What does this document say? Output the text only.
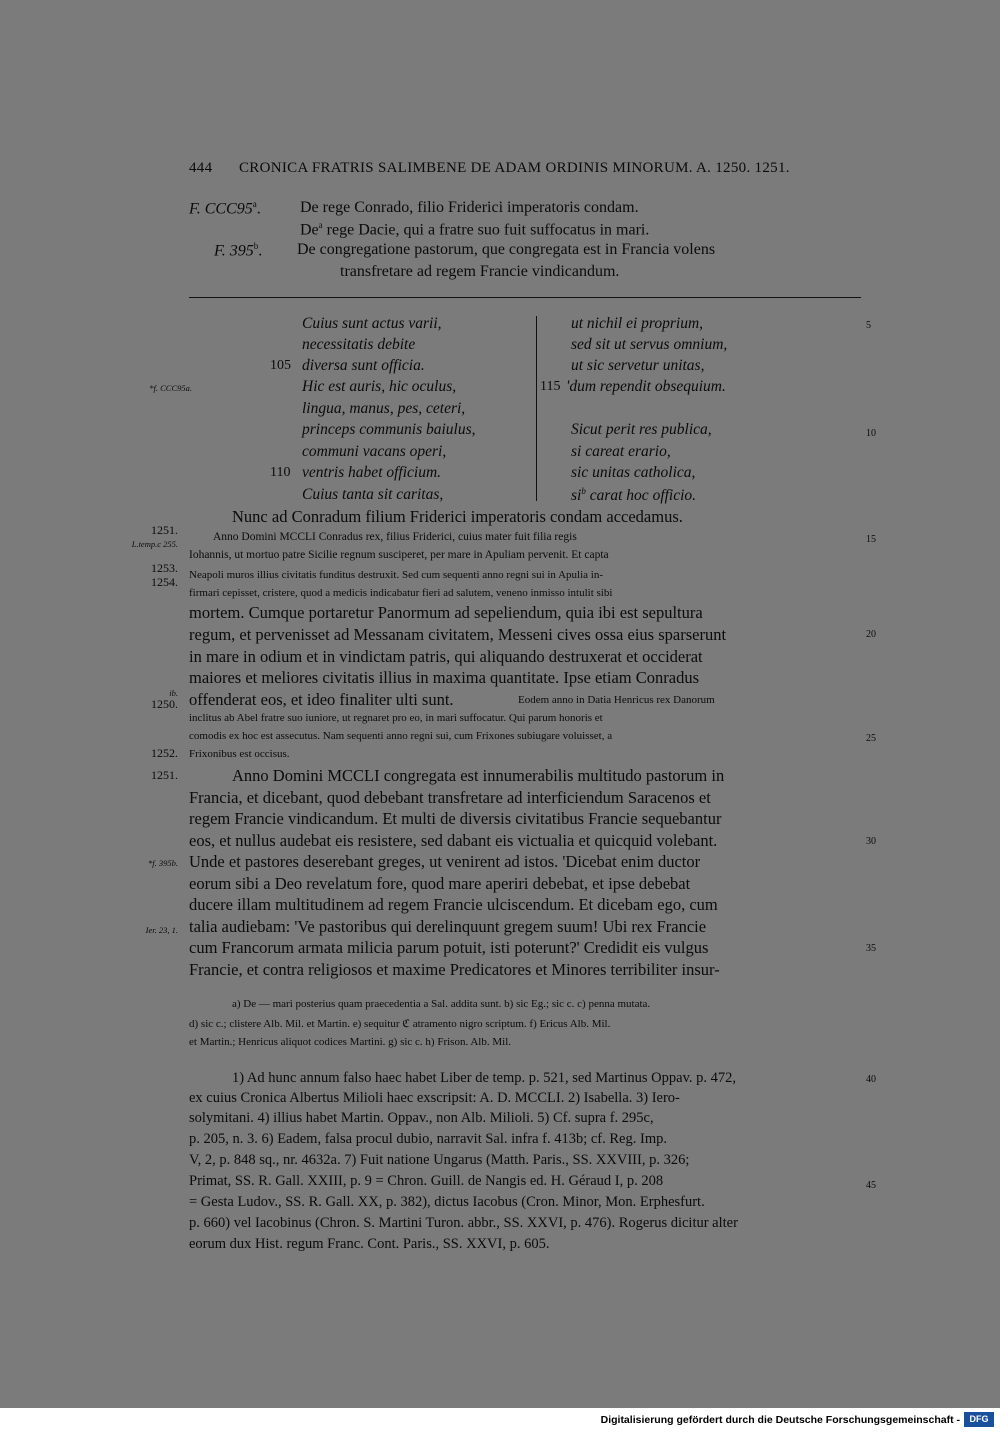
444 CRONICA FRATRIS SALIMBENE DE ADAM ORDINIS MINORUM. A. 1250. 1251.
F. CCC95$^a$. De rege Conrado, filio Friderici imperatoris condam.
De$^a$ rege Dacie, qui a fratre suo fuit suffocatus in mari.
F. 395$^b$. De congregatione pastorum, que congregata est in Francia volens
transfretare ad regem Francie vindicandum.
Cuius sunt actus varii,
necessitatis debite
diversa sunt officia.
Hic est auris, hic oculus,
lingua, manus, pes, ceteri,
princeps communis baiulus,
communi vacans operi,
ventris habet officium.
Cuius tanta sit caritas,
105
110
ut nichil ei proprium,
sed sit ut servus omnium,
ut sic servetur unitas,
'dum rependit obsequium.
Sicut perit res publica,
si careat erario,
sic unitas catholica,
$si^b$ carat hoc officio.
115
5
10
15
20
25
30
35
40
45
*f. CCC95a.
1251.
L.temp.c 255.
1253.
1254.
ib.
1250.
1252.
1251.
*f. 395b.
Ier. 23, 1.
Nunc ad Conradum filium Friderici imperatoris condam accedamus.
Anno Domini MCCLI Conradus rex, filius Friderici, cuius mater fuit filia regis
Iohannis, ut mortuo patre Sicilie regnum susciperet, per mare in Apuliam pervenit. Et capta
Neapoli muros illius civitatis funditus destruxit. Sed cum sequenti anno regni sui in Apulia in-
firmari cepisset, cristere, quod a medicis indicabatur fieri ad salutem, veneno inmisso intulit sibi
mortem. Cumque portaretur Panormum ad sepeliendum, quia ibi est sepultura
regum, et pervenisset ad Messanam civitatem, Messeni cives ossa eius sparserunt
in mare in odium et in vindictam patris, qui aliquando destruxerat et occiderat
maiores et meliores civitatis illius in maxima quantitate. Ipse etiam Conradus
offenderat eos, et ideo finaliter ulti sunt.	Eodem anno in Datia Henricus rex Danorum
inclitus ab Abel fratre suo iuniore, ut regnaret pro eo, in mari suffocatur. Qui parum honoris et
comodis ex hoc est assecutus. Nam sequenti anno regni sui, cum Frixones subiugare voluisset, a
Frixonibus est occisus.
Anno Domini MCCLI congregata est innumerabilis multitudo pastorum in
Francia, et dicebant, quod debebant transfretare ad interficiendum Saracenos et
regem Francie vindicandum. Et multi de diversis civitatibus Francie sequebantur
eos, et nullus audebat eis resistere, sed dabant eis victualia et quicquid volebant.
Unde et pastores deserebant greges, ut venirent ad istos. 'Dicebat enim ductor
eorum sibi a Deo revelatum fore, quod mare aperiri debebat, et ipse debebat
ducere illam multitudinem ad regem Francie ulciscendum. Et dicebam ego, cum
talia audiebam: 'Ve pastoribus qui derelinquunt gregem suum! Ubi rex Francie
cum Francorum armata milicia parum potuit, isti poterunt?' Credidit eis vulgus
Francie, et contra religiosos et maxime Predicatores et Minores terribiliter insur-
a) De — mari posterius quam praecedentia a Sal. addita sunt. b) sic Eg.; sic c. c) penna mutata.
d) sic c.; clistere Alb. Mil. et Martin. e) sequitur ℭ atramento nigro scriptum. f) Ericus Alb. Mil.
et Martin.; Henricus aliquot codices Martini. g) sic c. h) Frison. Alb. Mil.
1) Ad hunc annum falso haec habet Liber de temp. p. 521, sed Martinus Oppav. p. 472,
ex cuius Cronica Albertus Milioli haec exscripsit: A. D. MCCLI. 2) Isabella. 3) Iero-
solymitani. 4) illius habet Martin. Oppav., non Alb. Milioli. 5) Cf. supra f. 295c,
p. 205, n. 3. 6) Eadem, falsa procul dubio, narravit Sal. infra f. 413b; cf. Reg. Imp.
V, 2, p. 848 sq., nr. 4632a. 7) Fuit natione Ungarus (Matth. Paris., SS. XXVIII, p. 326;
Primat, SS. R. Gall. XXIII, p. 9 = Chron. Guill. de Nangis ed. H. Géraud I, p. 208
= Gesta Ludov., SS. R. Gall. XX, p. 382), dictus Iacobus (Cron. Minor, Mon. Erphesfurt.
p. 660) vel Iacobinus (Chron. S. Martini Turon. abbr., SS. XXVI, p. 476). Rogerus dicitur alter
eorum dux Hist. regum Franc. Cont. Paris., SS. XXVI, p. 605.
Digitalisierung gefördert durch die Deutsche Forschungsgemeinschaft -	DFG
